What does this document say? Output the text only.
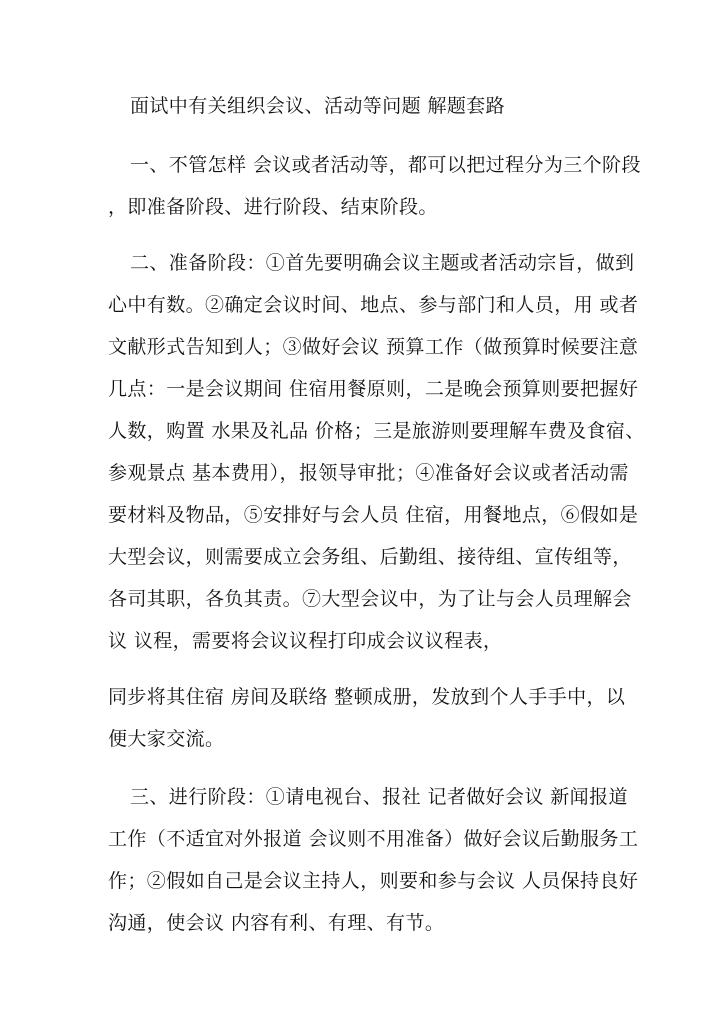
面试中有关组织会议、活动等问题 解题套路
一、不管怎样 会议或者活动等，都可以把过程分为三个阶段
，即准备阶段、进行阶段、结束阶段。
二、准备阶段：①首先要明确会议主题或者活动宗旨，做到
心中有数。②确定会议时间、地点、参与部门和人员，用 或者
文献形式告知到人；③做好会议 预算工作（做预算时候要注意
几点：一是会议期间 住宿用餐原则，二是晚会预算则要把握好
人数，购置 水果及礼品 价格；三是旅游则要理解车费及食宿、
参观景点 基本费用），报领导审批；④准备好会议或者活动需
要材料及物品，⑤安排好与会人员 住宿，用餐地点，⑥假如是
大型会议，则需要成立会务组、后勤组、接待组、宣传组等，
各司其职，各负其责。⑦大型会议中，为了让与会人员理解会
议 议程，需要将会议议程打印成会议议程表，
同步将其住宿 房间及联络 整顿成册，发放到个人手手中，以
便大家交流。
三、进行阶段：①请电视台、报社 记者做好会议 新闻报道
工作（不适宜对外报道 会议则不用准备）做好会议后勤服务工
作；②假如自己是会议主持人，则要和参与会议 人员保持良好
沟通，使会议 内容有利、有理、有节。
